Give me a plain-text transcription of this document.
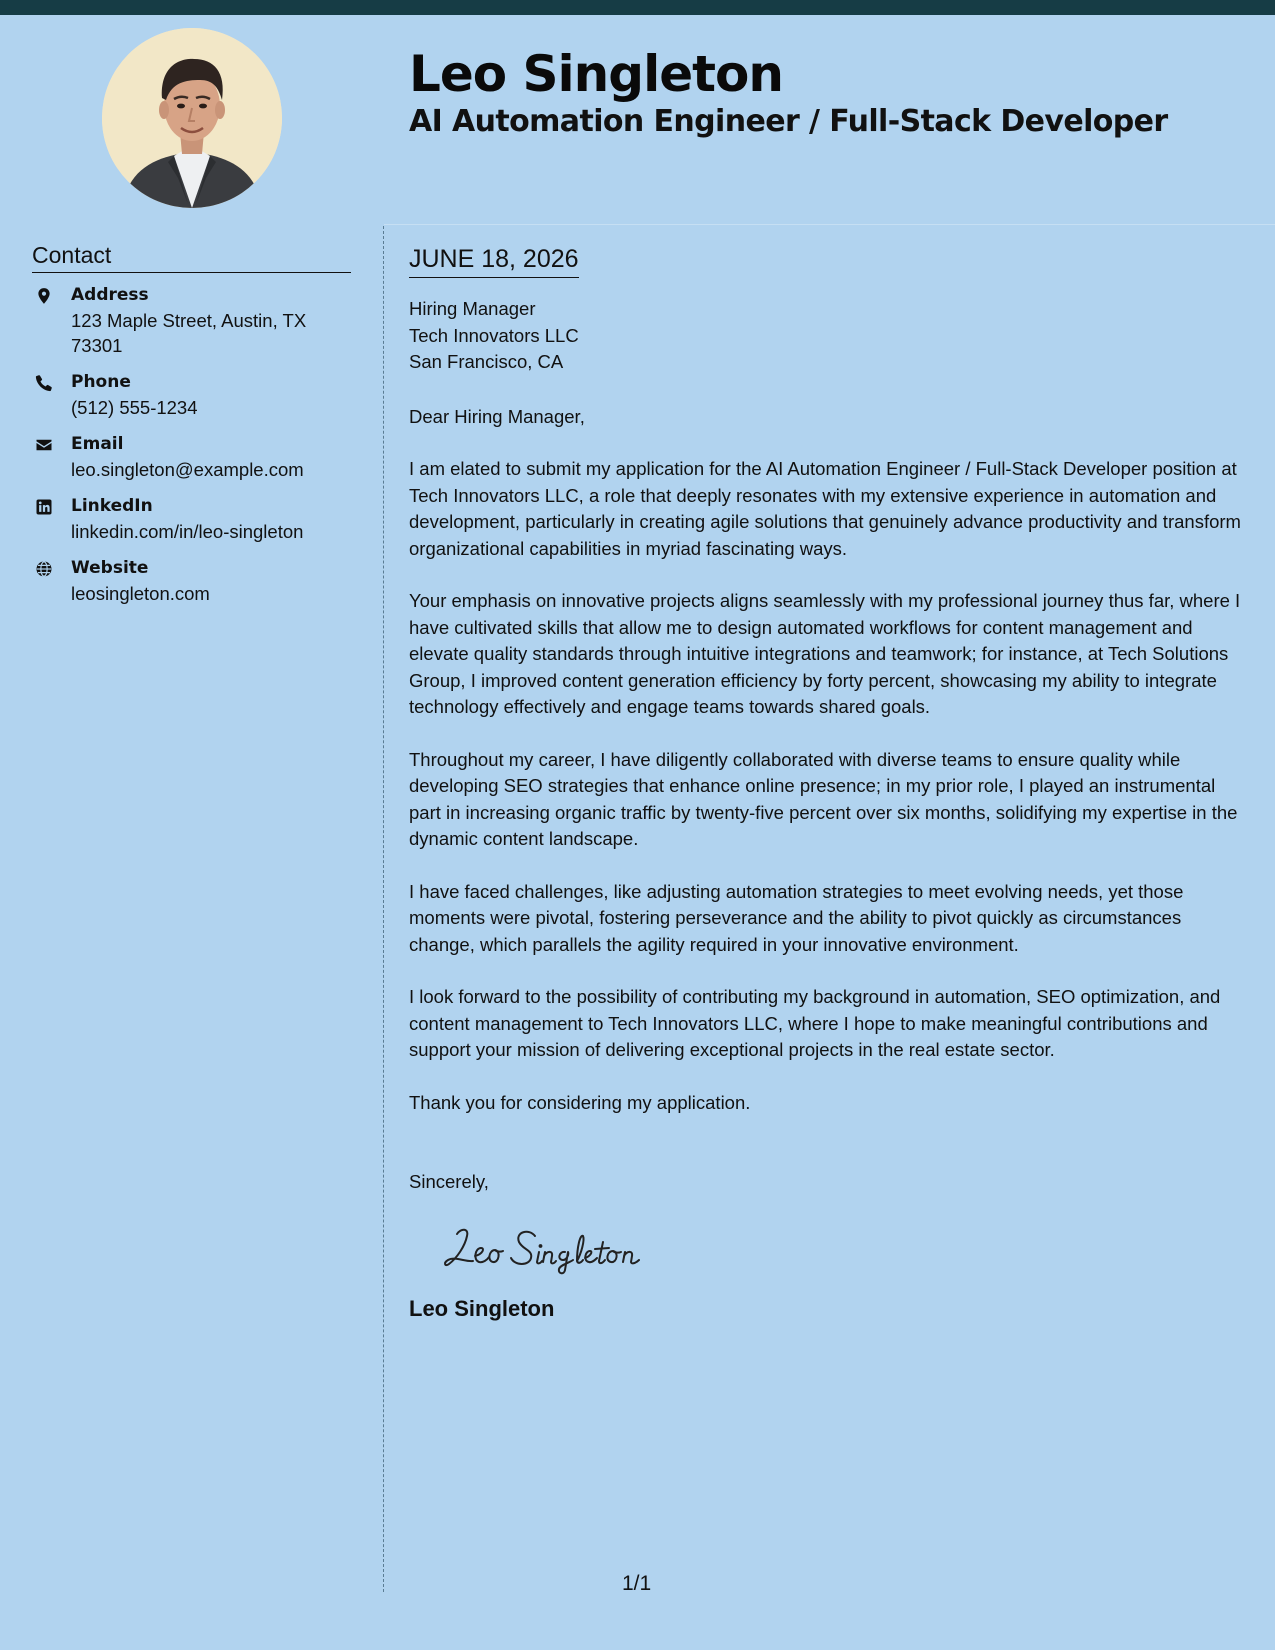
Leo Singleton
AI Automation Engineer / Full-Stack Developer
Contact
Address
123 Maple Street, Austin, TX 73301
Phone
(512) 555-1234
Email
leo.singleton@example.com
LinkedIn
linkedin.com/in/leo-singleton
Website
leosingleton.com
JUNE 18, 2026
Hiring Manager
Tech Innovators LLC
San Francisco, CA
Dear Hiring Manager,
I am elated to submit my application for the AI Automation Engineer / Full-Stack Developer position at Tech Innovators LLC, a role that deeply resonates with my extensive experience in automation and development, particularly in creating agile solutions that genuinely advance productivity and transform organizational capabilities in myriad fascinating ways.
Your emphasis on innovative projects aligns seamlessly with my professional journey thus far, where I have cultivated skills that allow me to design automated workflows for content management and elevate quality standards through intuitive integrations and teamwork; for instance, at Tech Solutions Group, I improved content generation efficiency by forty percent, showcasing my ability to integrate technology effectively and engage teams towards shared goals.
Throughout my career, I have diligently collaborated with diverse teams to ensure quality while developing SEO strategies that enhance online presence; in my prior role, I played an instrumental part in increasing organic traffic by twenty-five percent over six months, solidifying my expertise in the dynamic content landscape.
I have faced challenges, like adjusting automation strategies to meet evolving needs, yet those moments were pivotal, fostering perseverance and the ability to pivot quickly as circumstances change, which parallels the agility required in your innovative environment.
I look forward to the possibility of contributing my background in automation, SEO optimization, and content management to Tech Innovators LLC, where I hope to make meaningful contributions and support your mission of delivering exceptional projects in the real estate sector.
Thank you for considering my application.
Sincerely,
Leo Singleton
1/1
